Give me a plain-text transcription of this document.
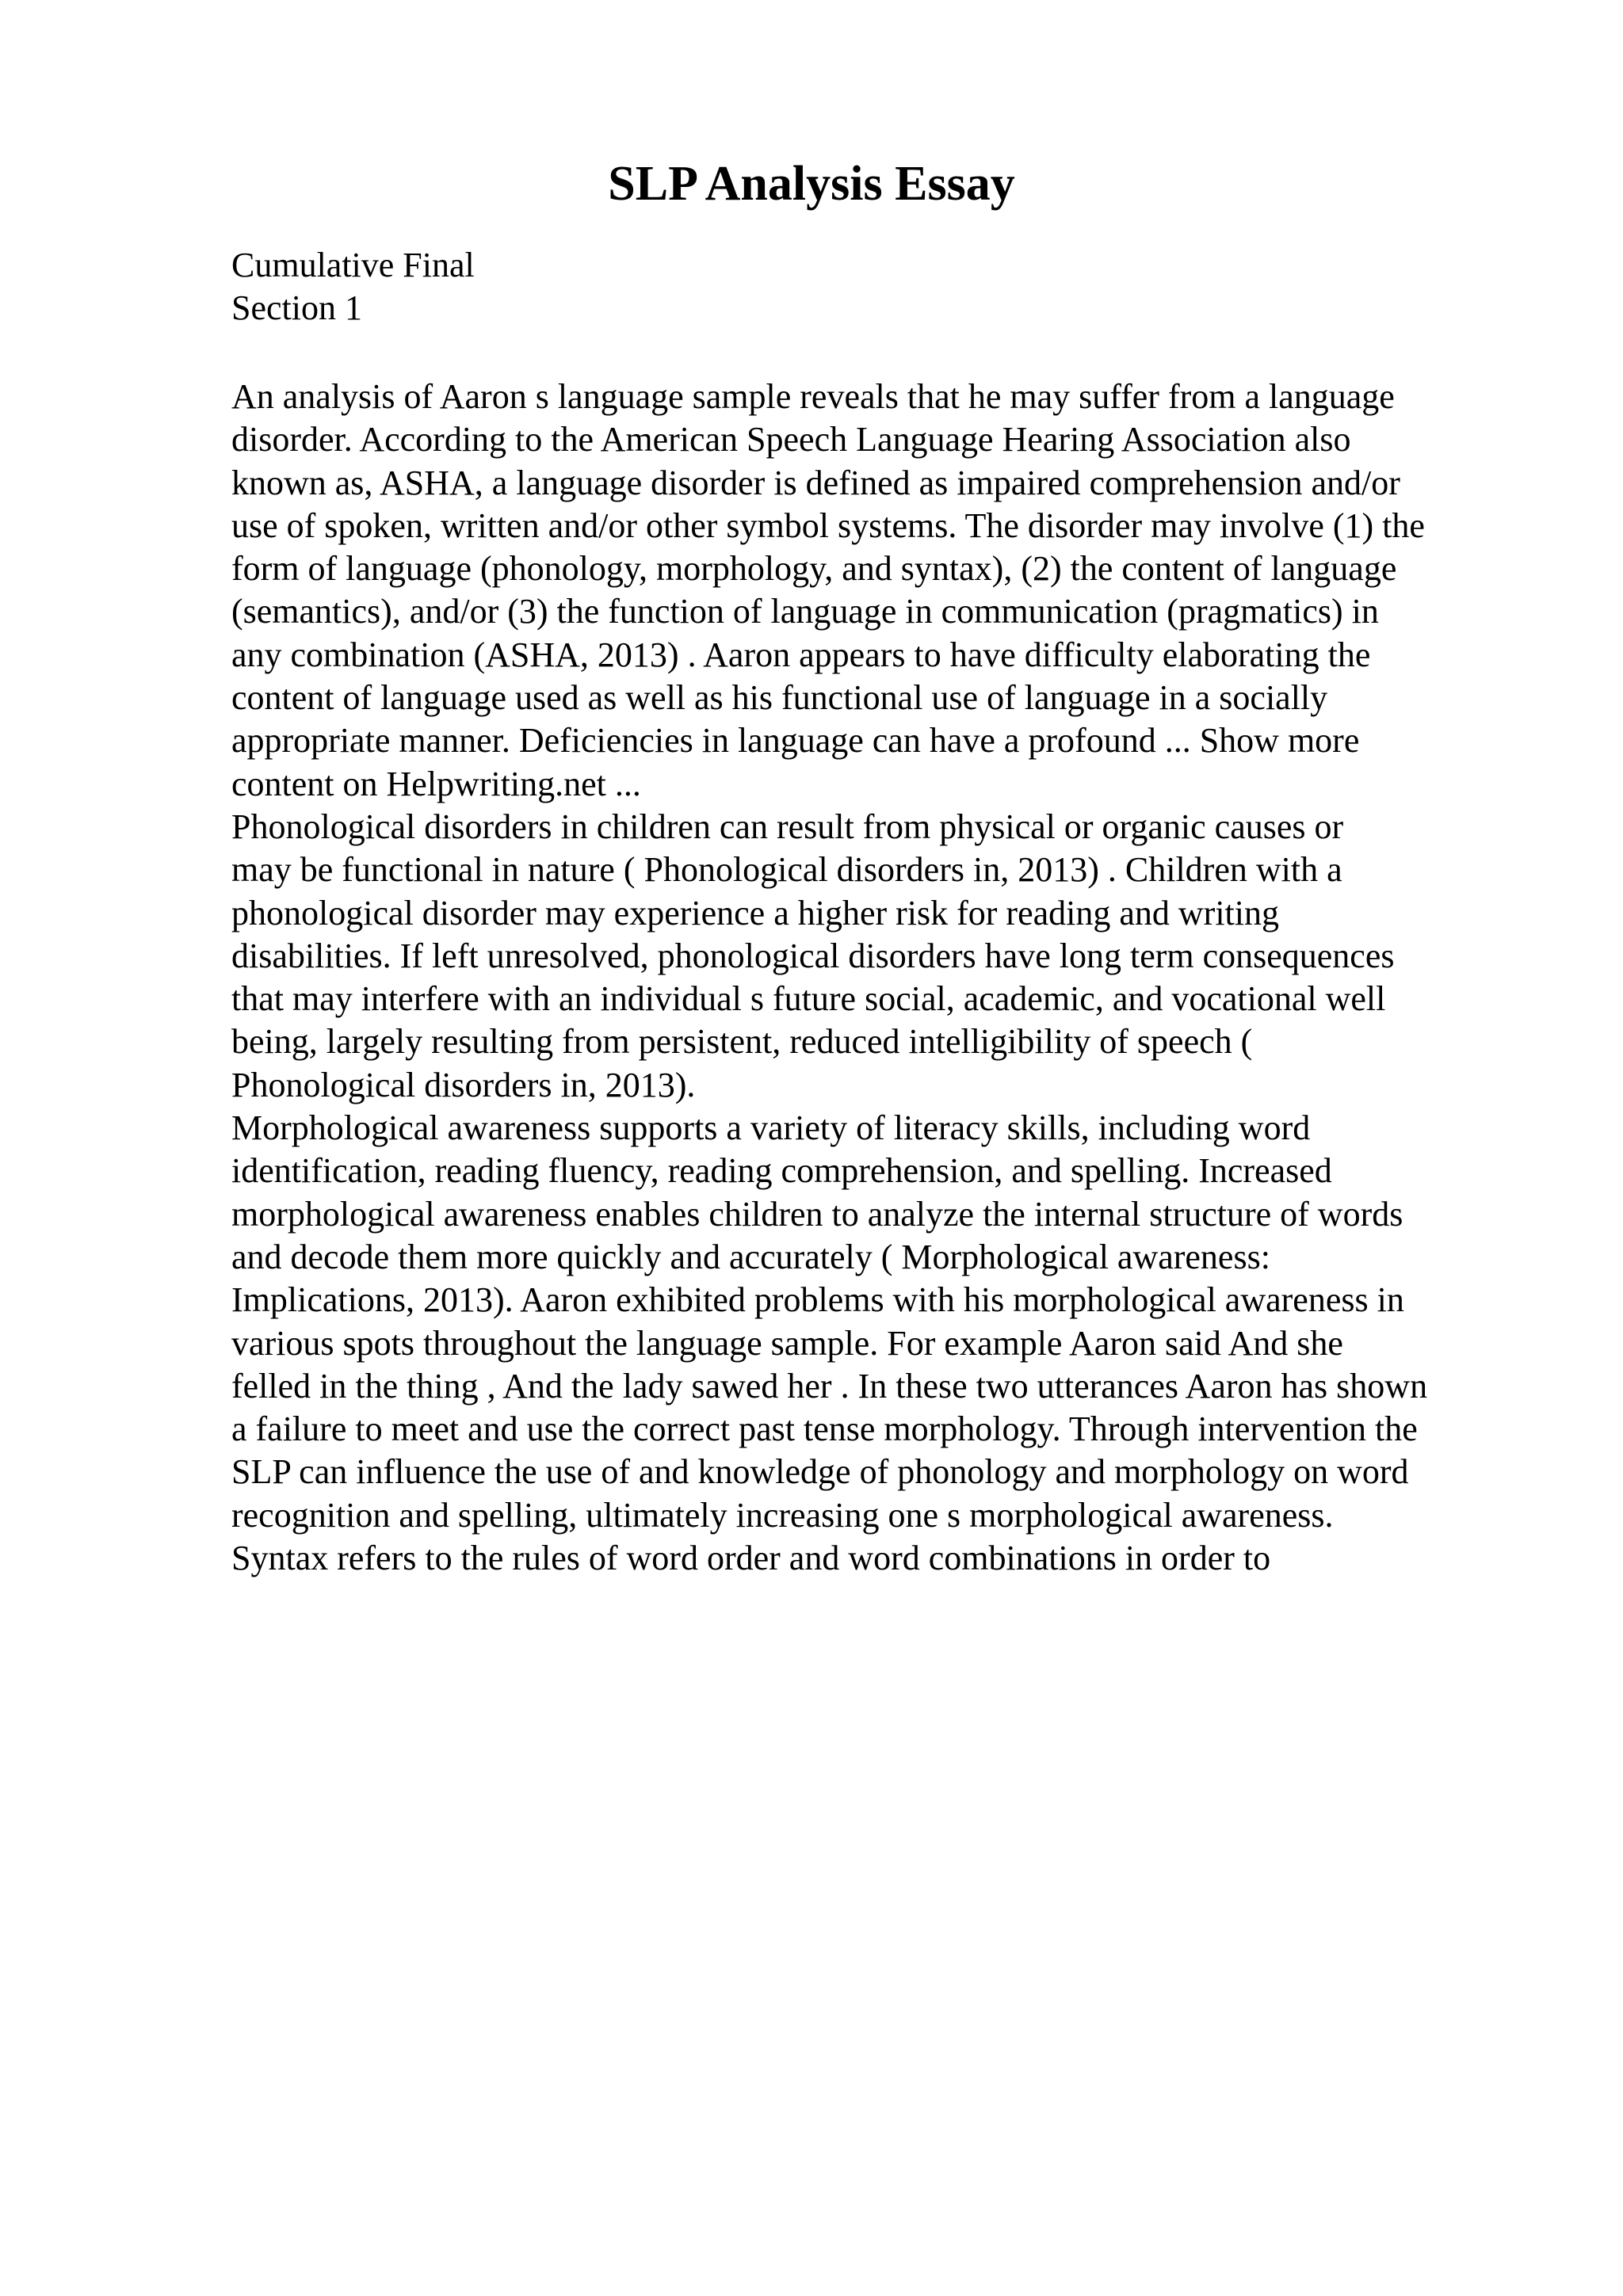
SLP Analysis Essay
Cumulative Final
Section 1
An analysis of Aaron s language sample reveals that he may suffer from a language
disorder. According to the American Speech Language Hearing Association also
known as, ASHA, a language disorder is defined as impaired comprehension and/or
use of spoken, written and/or other symbol systems. The disorder may involve (1) the
form of language (phonology, morphology, and syntax), (2) the content of language
(semantics), and/or (3) the function of language in communication (pragmatics) in
any combination (ASHA, 2013) . Aaron appears to have difficulty elaborating the
content of language used as well as his functional use of language in a socially
appropriate manner. Deficiencies in language can have a profound ... Show more
content on Helpwriting.net ...
Phonological disorders in children can result from physical or organic causes or
may be functional in nature ( Phonological disorders in, 2013) . Children with a
phonological disorder may experience a higher risk for reading and writing
disabilities. If left unresolved, phonological disorders have long term consequences
that may interfere with an individual s future social, academic, and vocational well
being, largely resulting from persistent, reduced intelligibility of speech (
Phonological disorders in, 2013).
Morphological awareness supports a variety of literacy skills, including word
identification, reading fluency, reading comprehension, and spelling. Increased
morphological awareness enables children to analyze the internal structure of words
and decode them more quickly and accurately ( Morphological awareness:
Implications, 2013). Aaron exhibited problems with his morphological awareness in
various spots throughout the language sample. For example Aaron said And she
felled in the thing , And the lady sawed her . In these two utterances Aaron has shown
a failure to meet and use the correct past tense morphology. Through intervention the
SLP can influence the use of and knowledge of phonology and morphology on word
recognition and spelling, ultimately increasing one s morphological awareness.
Syntax refers to the rules of word order and word combinations in order to
